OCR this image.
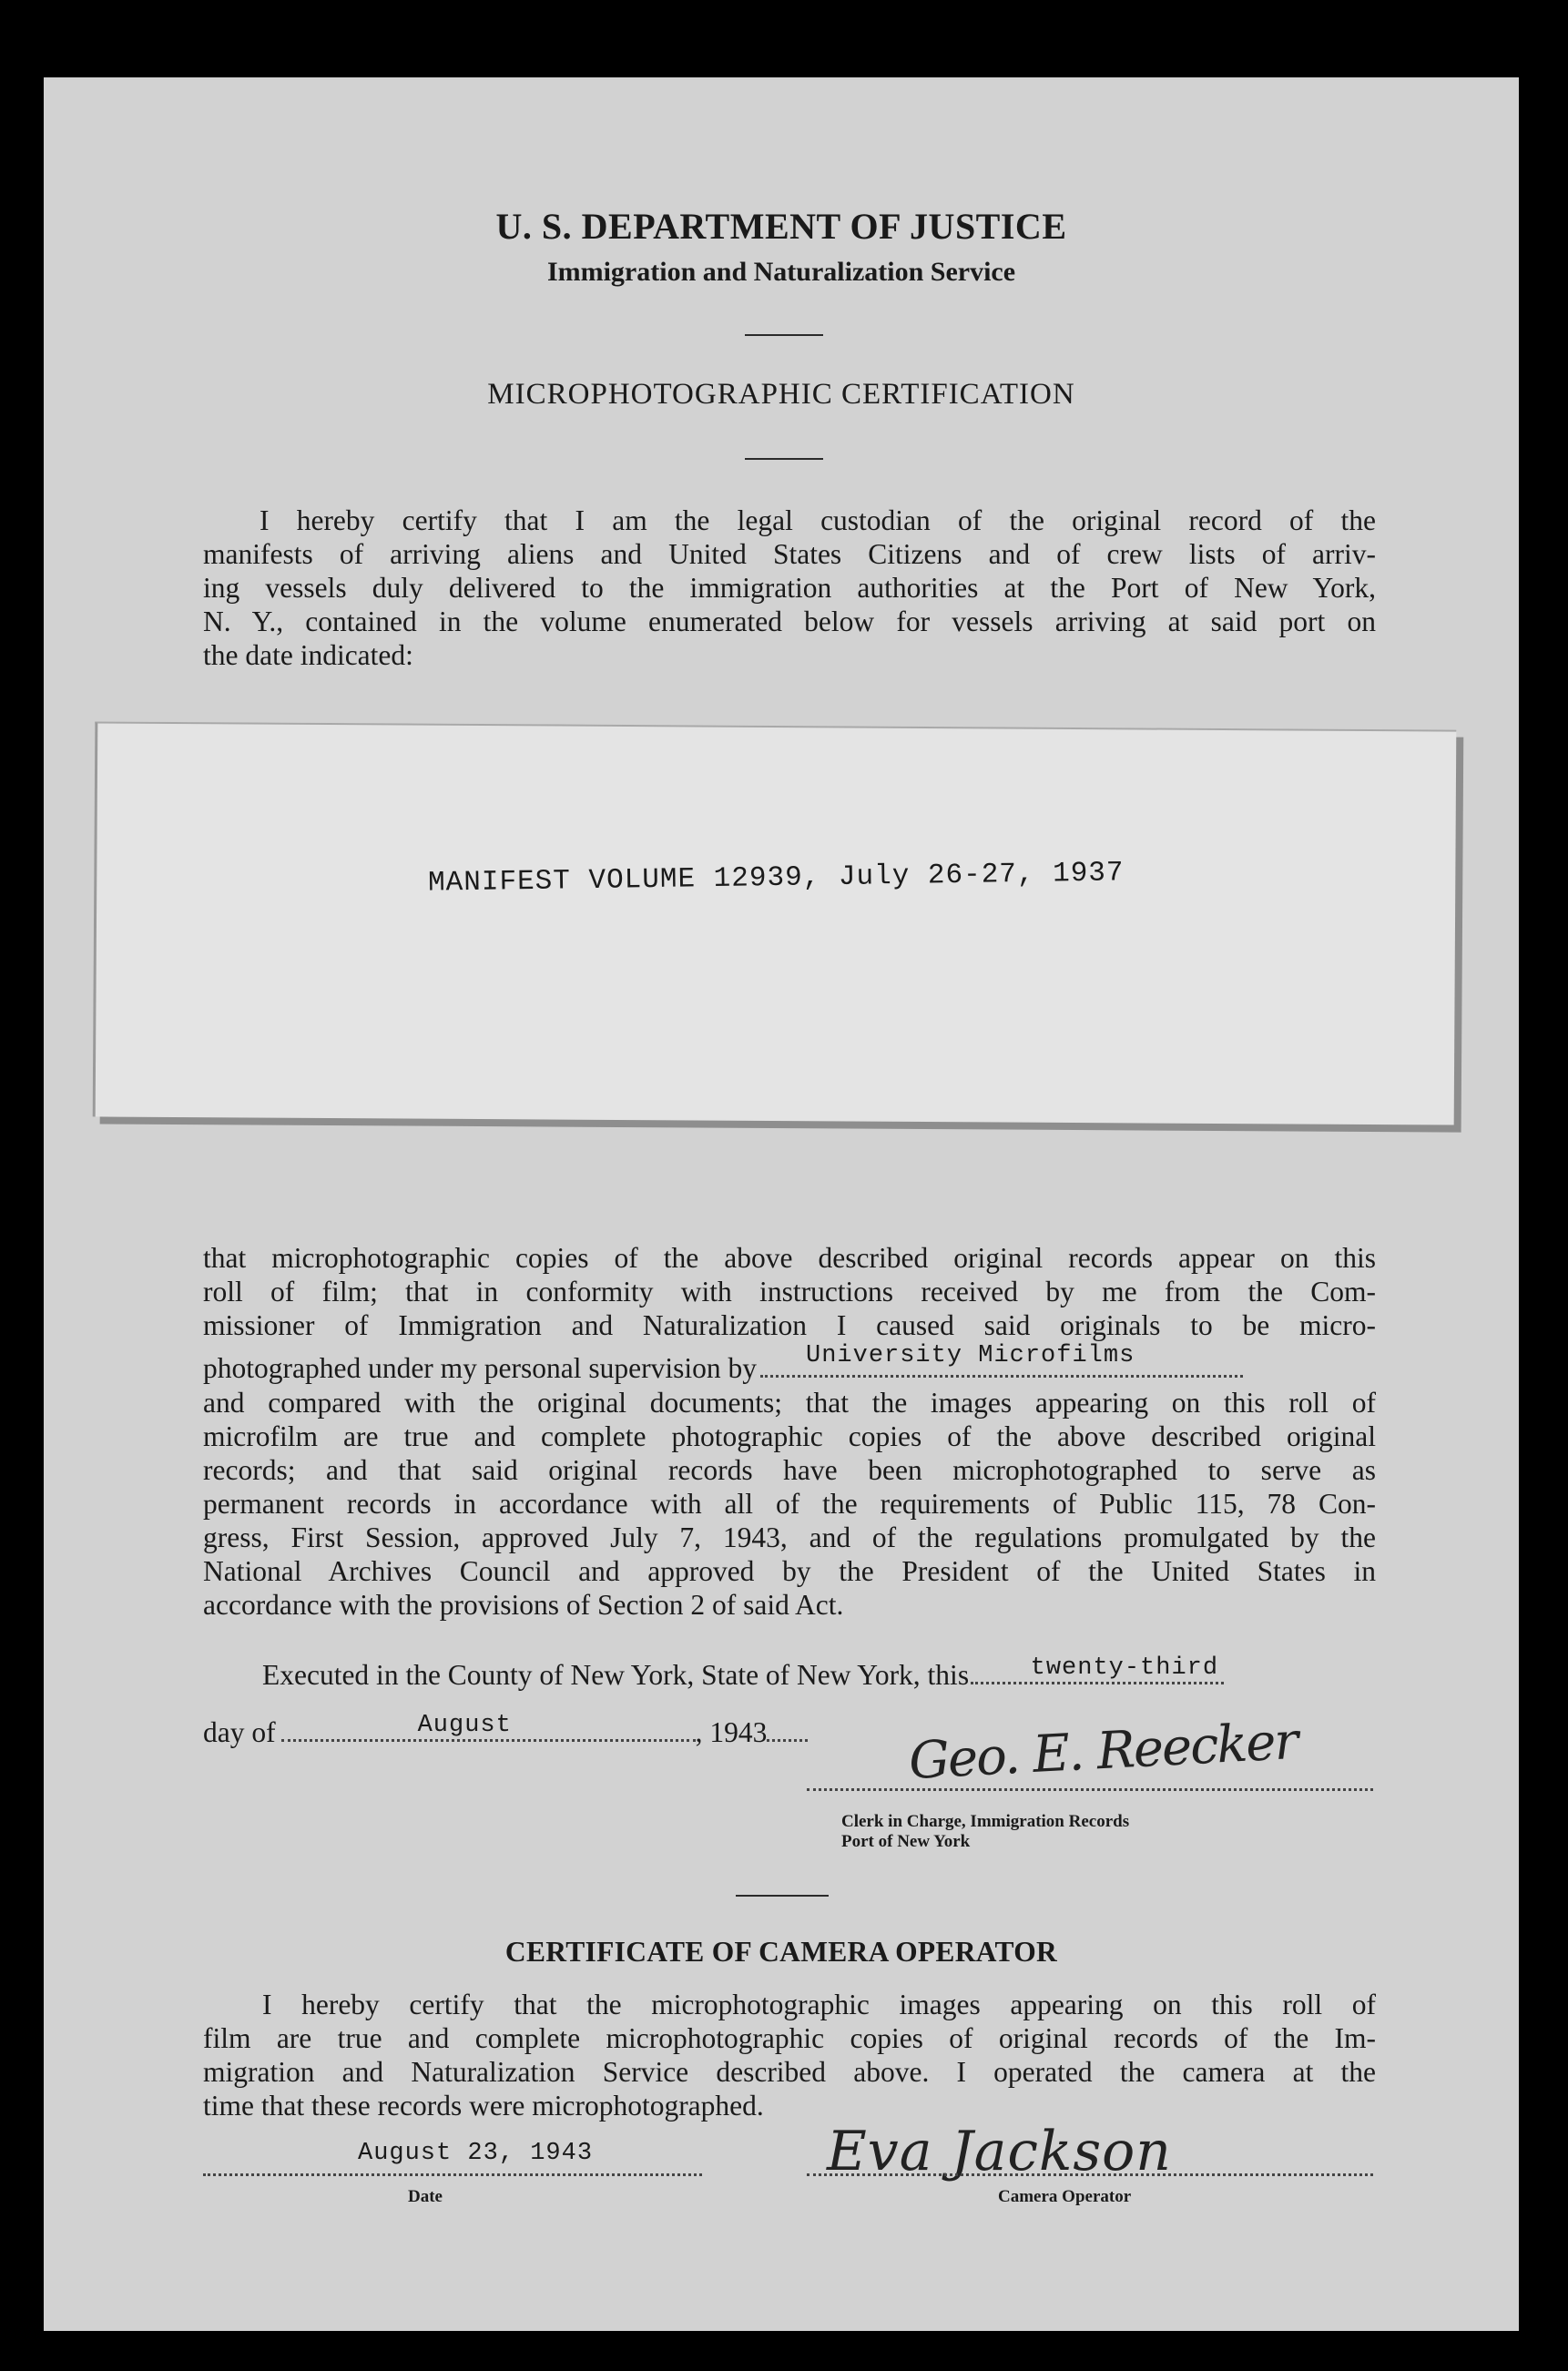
U. S. DEPARTMENT OF JUSTICE
Immigration and Naturalization Service
MICROPHOTOGRAPHIC CERTIFICATION
I hereby certify that I am the legal custodian of the original record of the
manifests of arriving aliens and United States Citizens and of crew lists of arriv-
ing vessels duly delivered to the immigration authorities at the Port of New York,
N. Y., contained in the volume enumerated below for vessels arriving at said port on
the date indicated:
MANIFEST VOLUME 12939, July 26-27, 1937
that microphotographic copies of the above described original records appear on this
roll of film; that in conformity with instructions received by me from the Com-
missioner of Immigration and Naturalization I caused said originals to be micro-
photographed under my personal supervision by University Microfilms
and compared with the original documents; that the images appearing on this roll of
microfilm are true and complete photographic copies of the above described original
records; and that said original records have been microphotographed to serve as
permanent records in accordance with all of the requirements of Public 115, 78 Con-
gress, First Session, approved July 7, 1943, and of the regulations promulgated by the
National Archives Council and approved by the President of the United States in
accordance with the provisions of Section 2 of said Act.
Executed in the County of New York, State of New York, this	twenty-third
day of	August	, 1943	Geo. E. Reecker
Clerk in Charge, Immigration Records
Port of New York
CERTIFICATE OF CAMERA OPERATOR
I hereby certify that the microphotographic images appearing on this roll of
film are true and complete microphotographic copies of original records of the Im-
migration and Naturalization Service described above. I operated the camera at the
time that these records were microphotographed.
August 23, 1943
Date
Eva Jackson
Camera Operator
